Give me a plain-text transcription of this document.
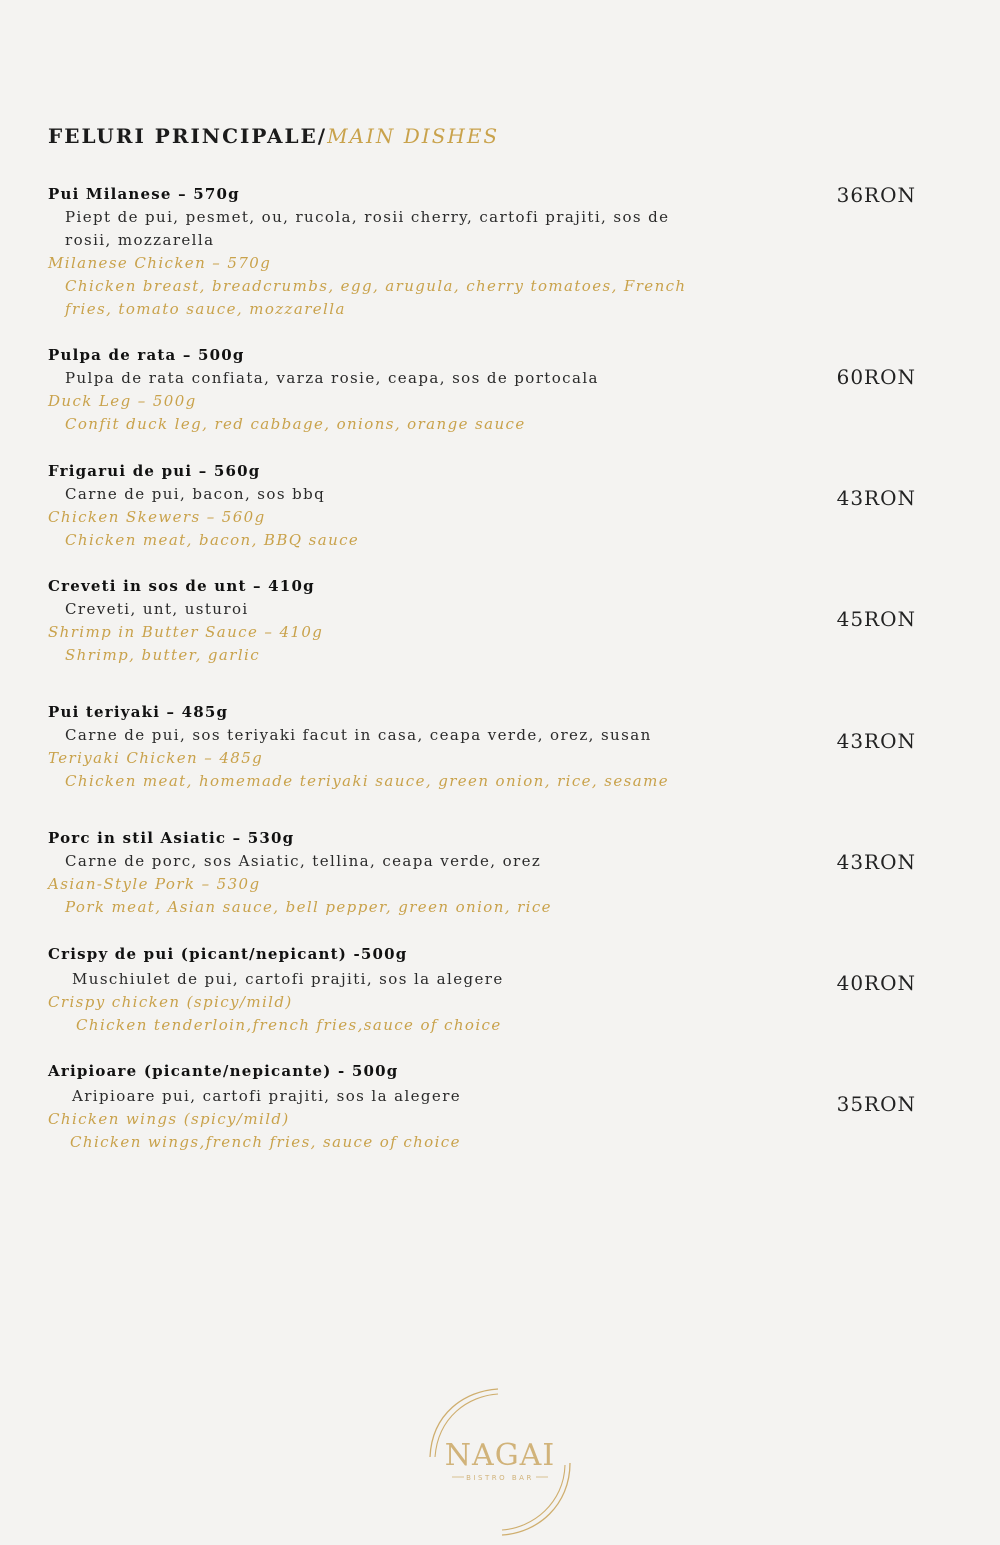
FELURI PRINCIPALE/MAIN DISHES
Pui Milanese – 570g
Piept de pui, pesmet, ou, rucola, rosii cherry, cartofi prajiti, sos de rosii, mozzarella
Milanese Chicken – 570g
Chicken breast, breadcrumbs, egg, arugula, cherry tomatoes, French fries, tomato sauce, mozzarella
36RON
Pulpa de rata – 500g
Pulpa de rata confiata, varza rosie, ceapa, sos de portocala
Duck Leg – 500g
Confit duck leg, red cabbage, onions, orange sauce
60RON
Frigarui de pui – 560g
Carne de pui, bacon, sos bbq
Chicken Skewers – 560g
Chicken meat, bacon, BBQ sauce
43RON
Creveti in sos de unt – 410g
Creveti, unt, usturoi
Shrimp in Butter Sauce – 410g
Shrimp, butter, garlic
45RON
Pui teriyaki – 485g
Carne de pui, sos teriyaki facut in casa, ceapa verde, orez, susan
Teriyaki Chicken – 485g
Chicken meat, homemade teriyaki sauce, green onion, rice, sesame
43RON
Porc in stil Asiatic – 530g
Carne de porc, sos Asiatic, tellina, ceapa verde, orez
Asian-Style Pork – 530g
Pork meat, Asian sauce, bell pepper, green onion, rice
43RON
Crispy de pui (picant/nepicant) -500g
Muschiulet de pui, cartofi prajiti, sos la alegere
Crispy chicken (spicy/mild)
Chicken tenderloin,french fries,sauce of choice
40RON
Aripioare (picante/nepicante) - 500g
Aripioare pui, cartofi prajiti, sos la alegere
Chicken wings (spicy/mild)
Chicken wings,french fries, sauce of choice
35RON
NAGAI
BISTRO BAR
